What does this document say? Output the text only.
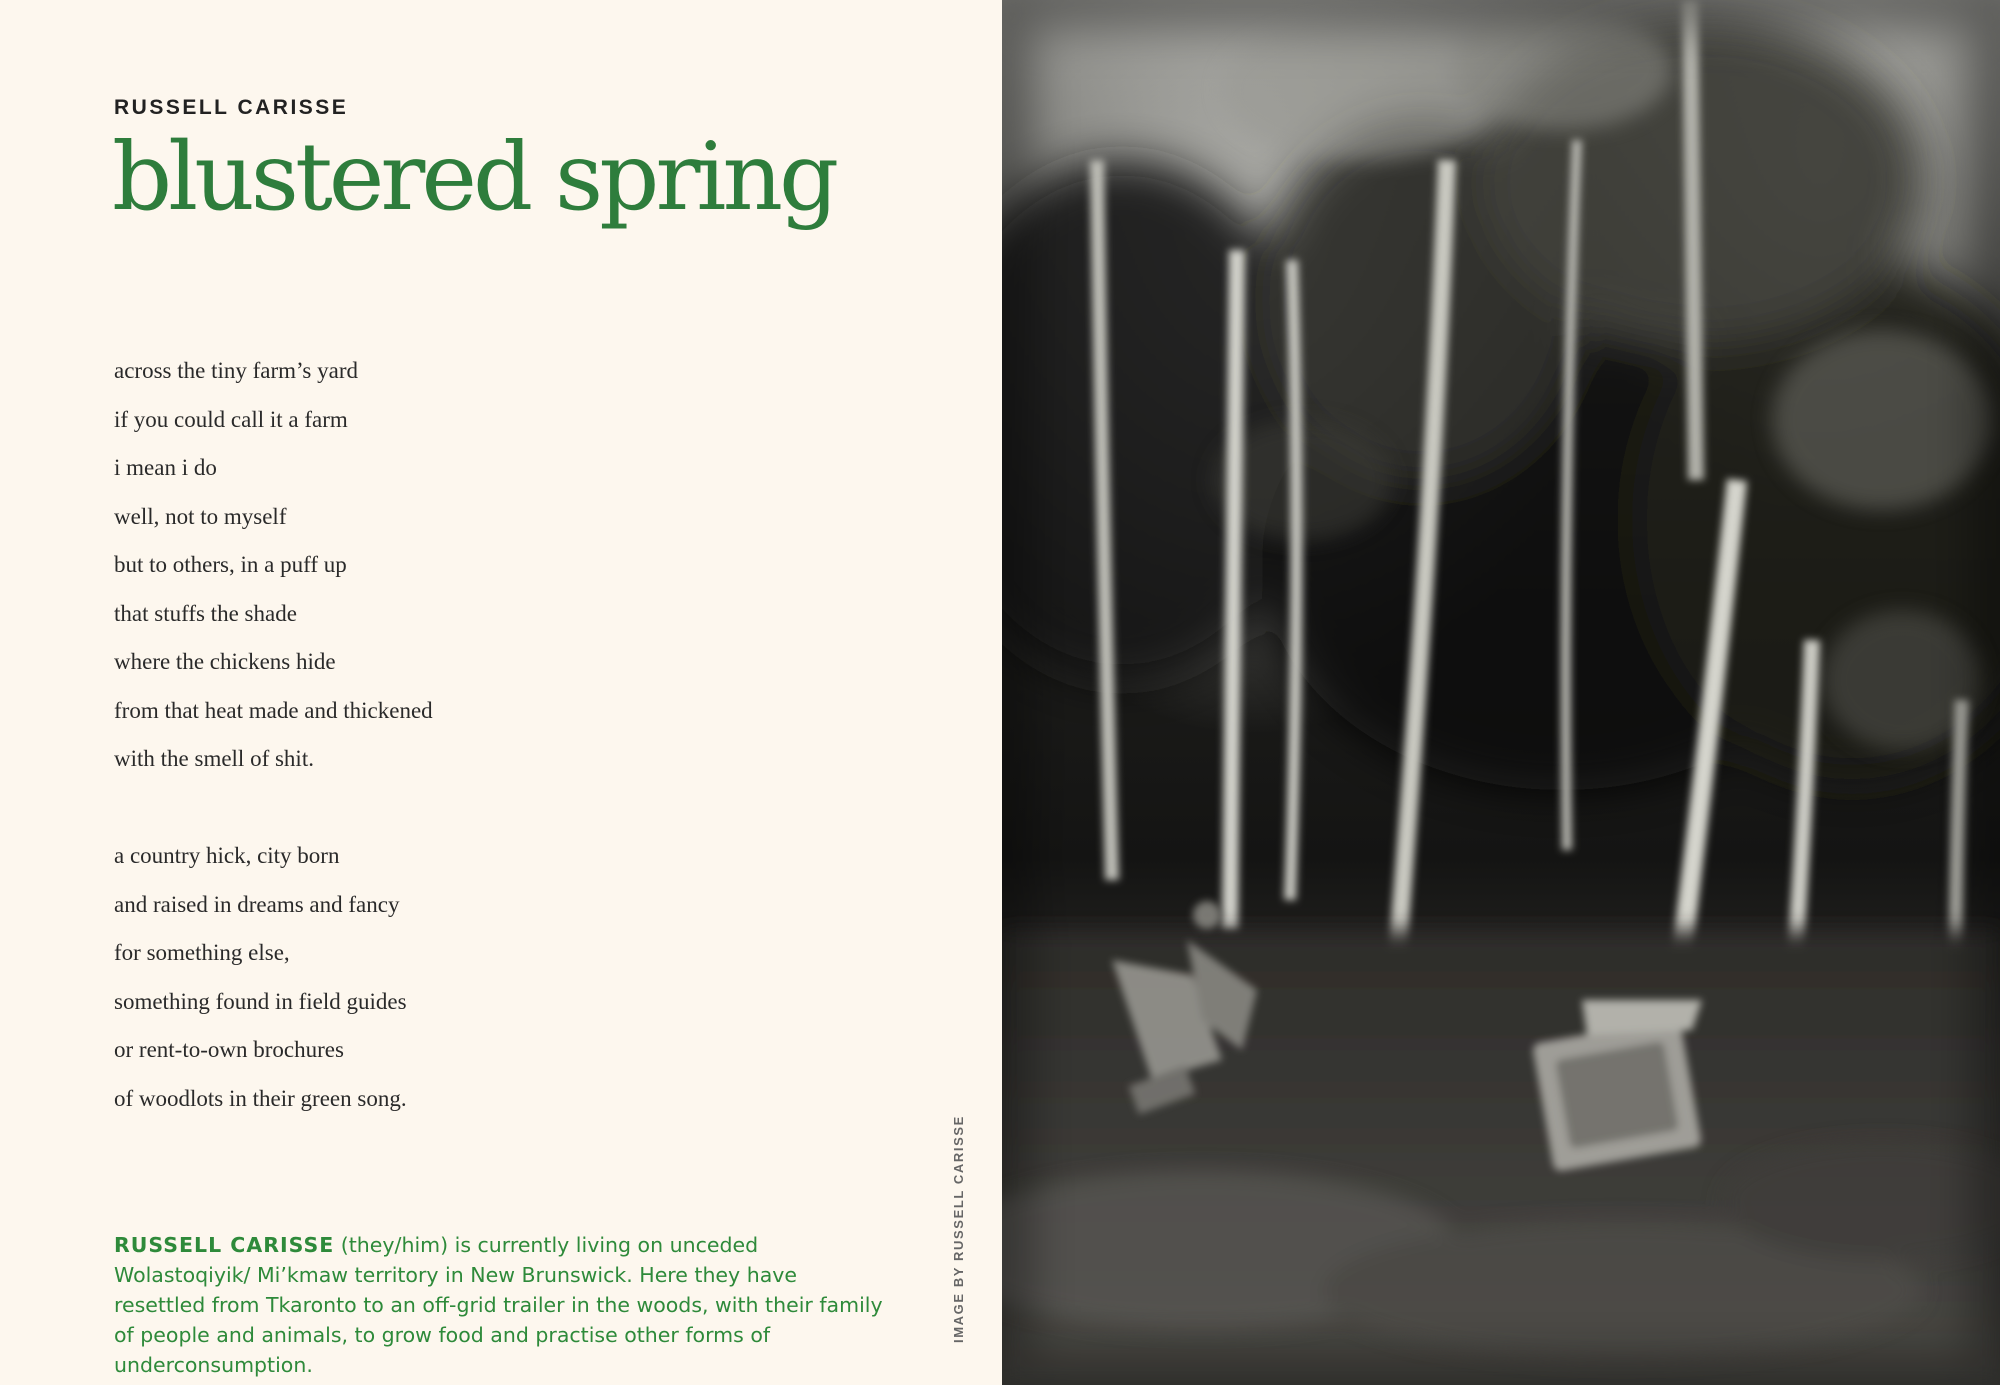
RUSSELL CARISSE
blustered spring
across the tiny farm’s yard
if you could call it a farm
i mean i do
well, not to myself
but to others, in a puff up
that stuffs the shade
where the chickens hide
from that heat made and thickened
with the smell of shit.
a country hick, city born
and raised in dreams and fancy
for something else,
something found in field guides
or rent-to-own brochures
of woodlots in their green song.
RUSSELL CARISSE (they/him) is currently living on unceded Wolastoqiyik/ Mi’kmaw territory in New Brunswick. Here they have resettled from Tkaronto to an off-grid trailer in the woods, with their family of people and animals, to grow food and practise other forms of underconsumption.
IMAGE BY RUSSELL CARISSE
